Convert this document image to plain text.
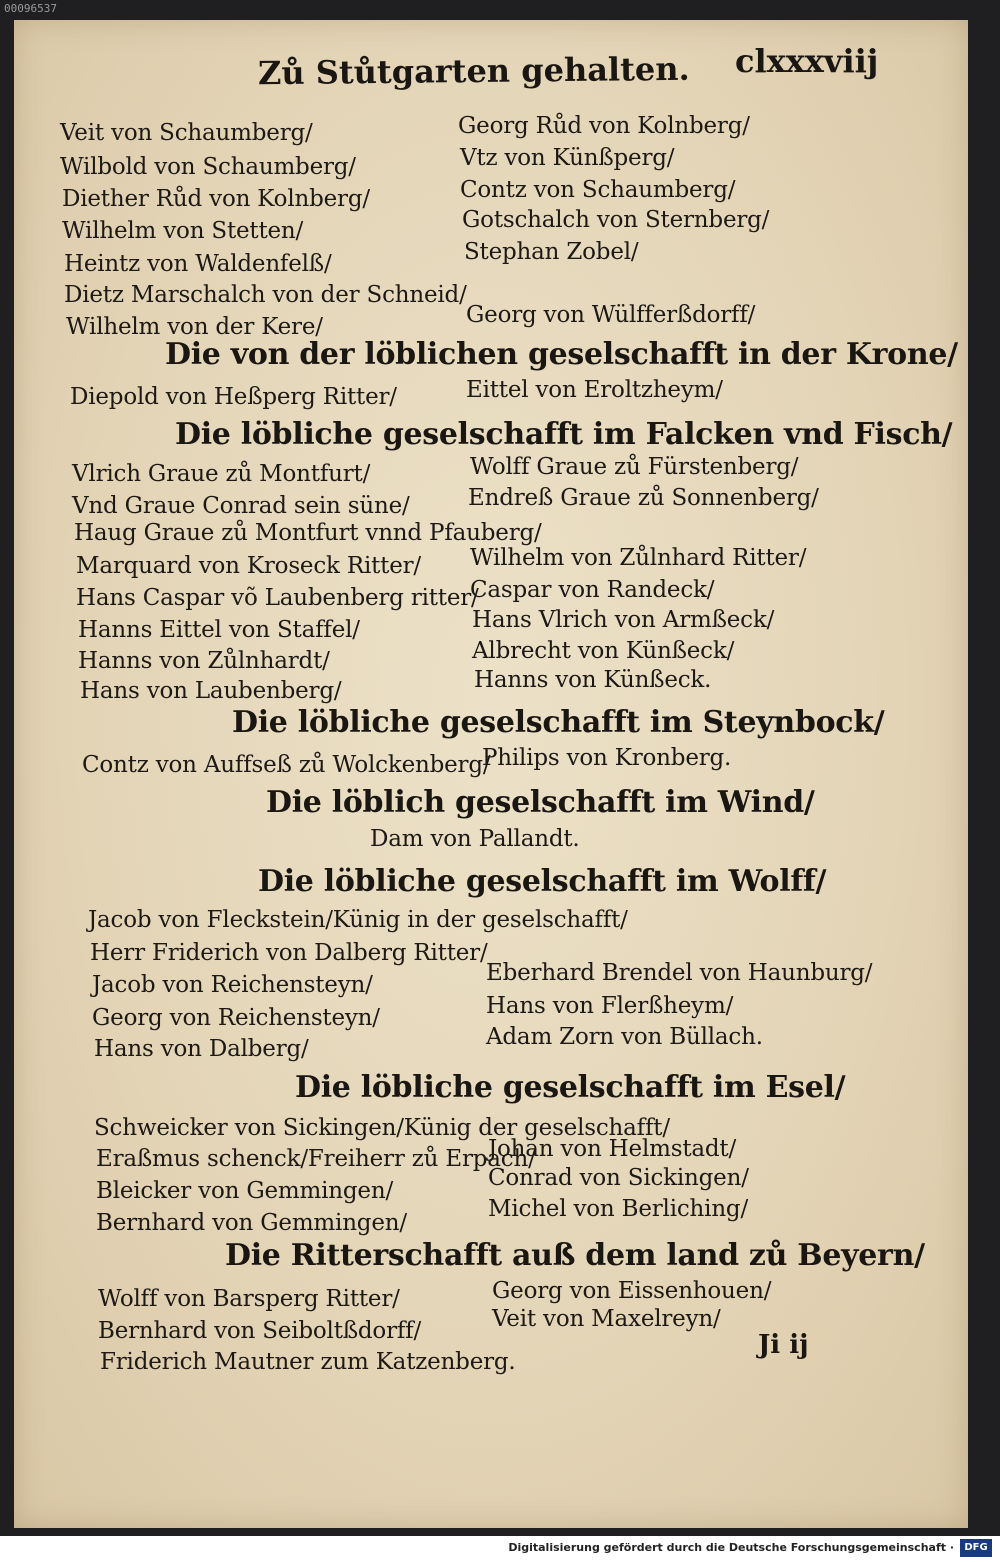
00096537
Zů Stůtgarten gehalten. clxxxviij
Veit von Schaumberg/
Wilbold von Schaumberg/
Diether Růd von Kolnberg/
Wilhelm von Stetten/
Heintz von Waldenfelß/
Dietz Marschalch von der Schneid/
Wilhelm von der Kere/
Georg Růd von Kolnberg/
Vtz von Künßperg/
Contz von Schaumberg/
Gotschalch von Sternberg/
Stephan Zobel/
Georg von Wülfferßdorff/
Die von der löblichen geselschafft in der Krone/
Diepold von Heßperg Ritter/	Eittel von Eroltzheym/
Die löbliche geselschafft im Falcken vnd Fisch/
Vlrich Graue zů Montfurt/
Vnd Graue Conrad sein süne/
Haug Graue zů Montfurt vnnd Pfauberg/
Marquard von Kroseck Ritter/
Hans Caspar võ Laubenberg ritter/
Hanns Eittel von Staffel/
Hanns von Zůlnhardt/
Hans von Laubenberg/
Wolff Graue zů Fürstenberg/
Endreß Graue zů Sonnenberg/
Wilhelm von Zůlnhard Ritter/
Caspar von Randeck/
Hans Vlrich von Armßeck/
Albrecht von Künßeck/
Hanns von Künßeck.
Die löbliche geselschafft im Steynbock/
Contz von Auffseß zů Wolckenberg/
Philips von Kronberg.
Die löblich geselschafft im Wind/
Dam von Pallandt.
Die löbliche geselschafft im Wolff/
Jacob von Fleckstein/Künig in der geselschafft/
Herr Friderich von Dalberg Ritter/
Jacob von Reichensteyn/
Georg von Reichensteyn/
Hans von Dalberg/
Eberhard Brendel von Haunburg/
Hans von Flerßheym/
Adam Zorn von Büllach.
Die löbliche geselschafft im Esel/
Schweicker von Sickingen/Künig der geselschafft/
Eraßmus schenck/Freiherr zů Erpach/
Bleicker von Gemmingen/
Bernhard von Gemmingen/
Johan von Helmstadt/
Conrad von Sickingen/
Michel von Berliching/
Die Ritterschafft auß dem land zů Beyern/
Wolff von Barsperg Ritter/
Bernhard von Seiboltßdorff/
Friderich Mautner zum Katzenberg.
Georg von Eissenhouen/
Veit von Maxelreyn/
Ji ij
Digitalisierung gefördert durch die Deutsche Forschungsgemeinschaft ·	DFG
